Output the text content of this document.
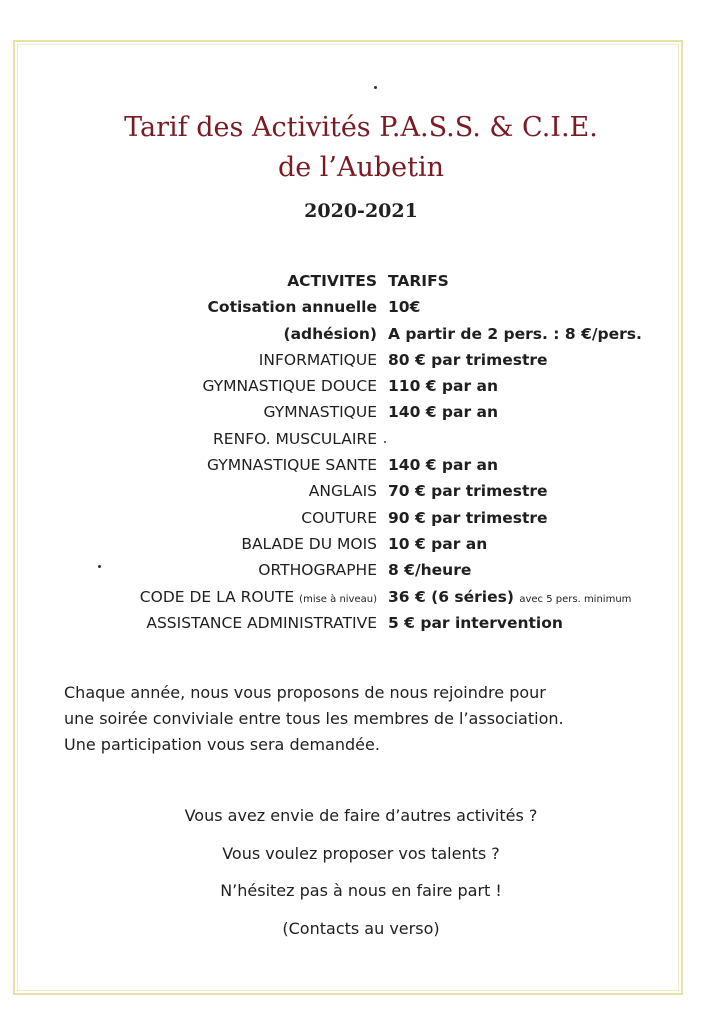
Tarif des Activités P.A.S.S. & C.I.E.
de l’Aubetin
2020-2021
ACTIVITES TARIFS
Cotisation annuelle 10€
(adhésion) A partir de 2 pers. : 8 €/pers.
INFORMATIQUE 80 € par trimestre
GYMNASTIQUE DOUCE 110 € par an
GYMNASTIQUE 140 € par an
RENFO. MUSCULAIRE
GYMNASTIQUE SANTE 140 € par an
ANGLAIS 70 € par trimestre
COUTURE 90 € par trimestre
BALADE DU MOIS 10 € par an
ORTHOGRAPHE 8 €/heure
CODE DE LA ROUTE (mise à niveau) 36 € (6 séries) avec 5 pers. minimum
ASSISTANCE ADMINISTRATIVE 5 € par intervention
Chaque année, nous vous proposons de nous rejoindre pour
une soirée conviviale entre tous les membres de l’association.
Une participation vous sera demandée.
Vous avez envie de faire d’autres activités ?
Vous voulez proposer vos talents ?
N’hésitez pas à nous en faire part !
(Contacts au verso)
